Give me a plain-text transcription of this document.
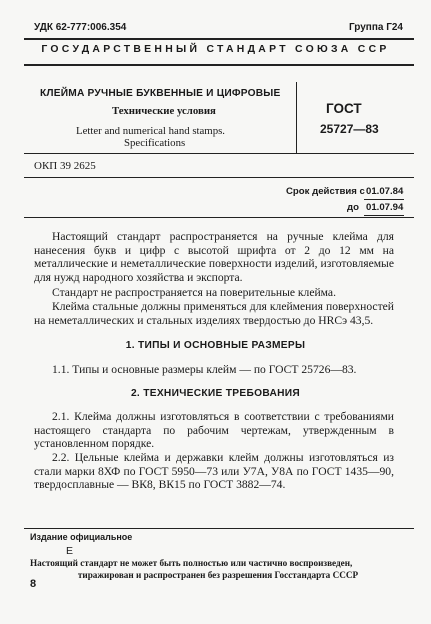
УДК 62-777:006.354	Группа Г24
ГОСУДАРСТВЕННЫЙ СТАНДАРТ СОЮЗА ССР
КЛЕЙМА РУЧНЫЕ БУКВЕННЫЕ И ЦИФРОВЫЕ
Технические условия
Letter and numerical hand stamps.
Specifications
ГОСТ
25727—83
ОКП 39 2625
Срок действия с 01.07.84
до 01.07.94
Настоящий стандарт распространяется на ручные клейма для нанесения букв и цифр с высотой шрифта от 2 до 12 мм на металлические и неметаллические поверхности изделий, изготовляемые для нужд народного хозяйства и экспорта.
Стандарт не распространяется на поверительные клейма.
Клейма стальные должны применяться для клеймения поверхностей на неметаллических и стальных изделиях твердостью до HRCэ 43,5.
1. ТИПЫ И ОСНОВНЫЕ РАЗМЕРЫ
1.1. Типы и основные размеры клейм — по ГОСТ 25726—83.
2. ТЕХНИЧЕСКИЕ ТРЕБОВАНИЯ
2.1. Клейма должны изготовляться в соответствии с требованиями настоящего стандарта по рабочим чертежам, утвержденным в установленном порядке.
2.2. Цельные клейма и державки клейм должны изготовляться из стали марки 8ХФ по ГОСТ 5950—73 или У7А, У8А по ГОСТ 1435—90, твердосплавные — ВК8, ВК15 по ГОСТ 3882—74.
Издание официальное
Е
Настоящий стандарт не может быть полностью или частично воспроизведен,
тиражирован и распространен без разрешения Госстандарта СССР
8
